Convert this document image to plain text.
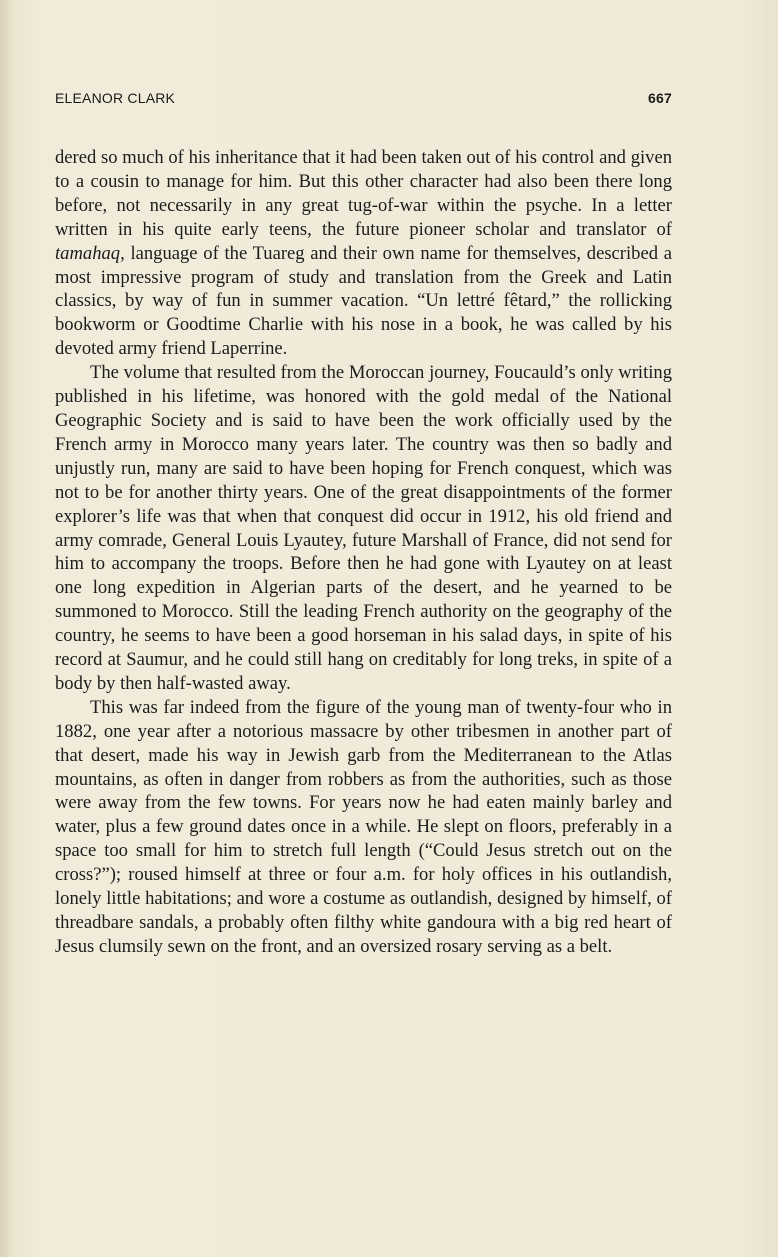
ELEANOR CLARK	667

dered so much of his inheritance that it had been taken out of his control and given to a cousin to manage for him. But this other character had also been there long before, not necessarily in any great tug-of-war within the psyche. In a letter written in his quite early teens, the future pioneer scholar and translator of tamahaq, language of the Tuareg and their own name for themselves, described a most impressive program of study and translation from the Greek and Latin classics, by way of fun in summer vacation. “Un lettré fêtard,” the rollicking bookworm or Goodtime Charlie with his nose in a book, he was called by his devoted army friend Laperrine.

The volume that resulted from the Moroccan journey, Foucauld’s only writing published in his lifetime, was honored with the gold medal of the National Geographic Society and is said to have been the work officially used by the French army in Morocco many years later. The country was then so badly and unjustly run, many are said to have been hoping for French conquest, which was not to be for another thirty years. One of the great disappointments of the former explorer’s life was that when that conquest did occur in 1912, his old friend and army comrade, General Louis Lyautey, future Marshall of France, did not send for him to accompany the troops. Before then he had gone with Lyautey on at least one long expedition in Algerian parts of the desert, and he yearned to be summoned to Morocco. Still the leading French authority on the geography of the country, he seems to have been a good horseman in his salad days, in spite of his record at Saumur, and he could still hang on creditably for long treks, in spite of a body by then half-wasted away.

This was far indeed from the figure of the young man of twenty-four who in 1882, one year after a notorious massacre by other tribesmen in another part of that desert, made his way in Jewish garb from the Mediterranean to the Atlas mountains, as often in danger from robbers as from the authorities, such as those were away from the few towns. For years now he had eaten mainly barley and water, plus a few ground dates once in a while. He slept on floors, preferably in a space too small for him to stretch full length (“Could Jesus stretch out on the cross?”); roused himself at three or four a.m. for holy offices in his outlandish, lonely little habitations; and wore a costume as outlandish, designed by himself, of threadbare sandals, a probably often filthy white gandoura with a big red heart of Jesus clumsily sewn on the front, and an oversized rosary serving as a belt.
